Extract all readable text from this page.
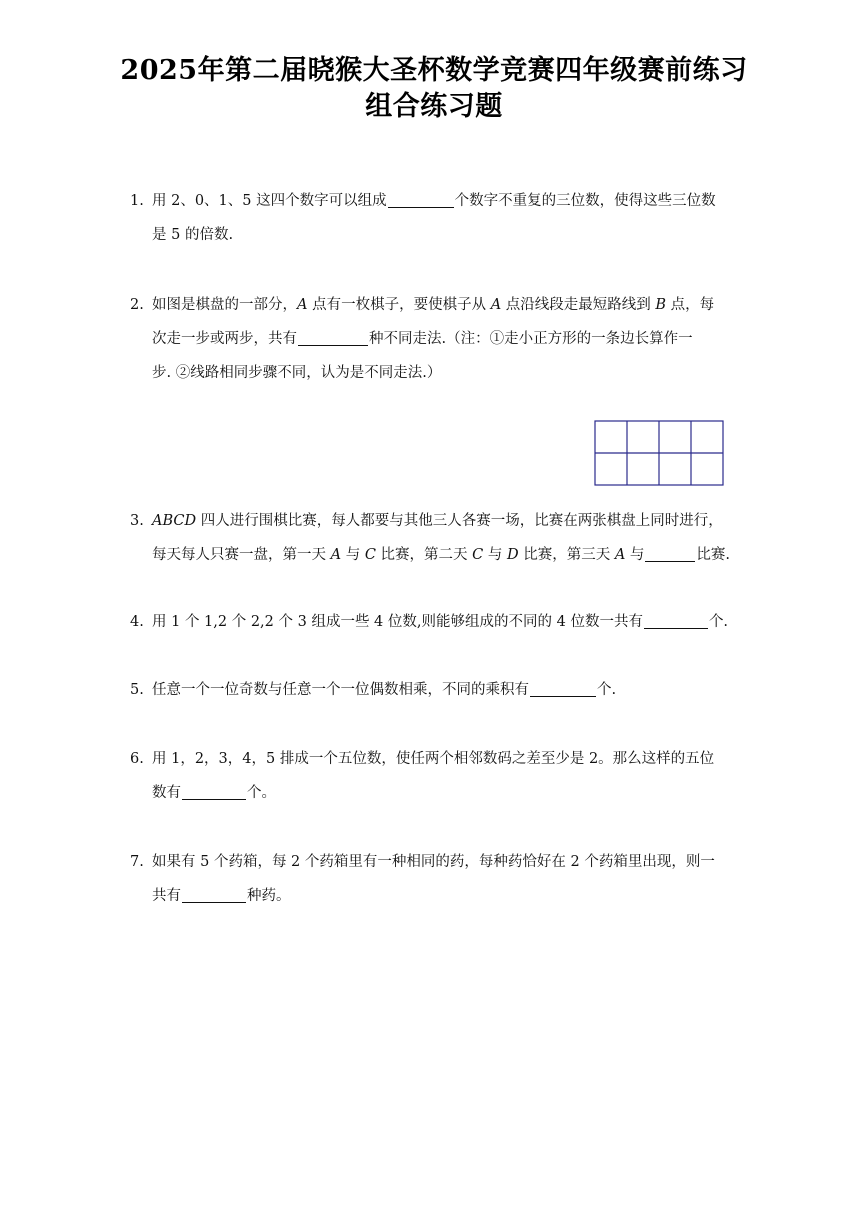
2025年第二届晓猴大圣杯数学竞赛四年级赛前练习
组合练习题
1. 用 2、0、1、5 这四个数字可以组成	个数字不重复的三位数，使得这些三位数
是 5 的倍数.
2. 如图是棋盘的一部分，A 点有一枚棋子，要使棋子从 A 点沿线段走最短路线到 B 点，每
次走一步或两步，共有	种不同走法.（注：①走小正方形的一条边长算作一
步. ②线路相同步骤不同，认为是不同走法.）
3. ABCD 四人进行围棋比赛，每人都要与其他三人各赛一场，比赛在两张棋盘上同时进行，
每天每人只赛一盘，第一天 A 与 C 比赛，第二天 C 与 D 比赛，第三天 A 与	比赛.
4. 用 1 个 1,2 个 2,2 个 3 组成一些 4 位数,则能够组成的不同的 4 位数一共有	个.
5. 任意一个一位奇数与任意一个一位偶数相乘，不同的乘积有	个.
6. 用 1，2，3，4，5 排成一个五位数，使任两个相邻数码之差至少是 2。那么这样的五位
数有	个。
7. 如果有 5 个药箱，每 2 个药箱里有一种相同的药，每种药恰好在 2 个药箱里出现，则一
共有	种药。
